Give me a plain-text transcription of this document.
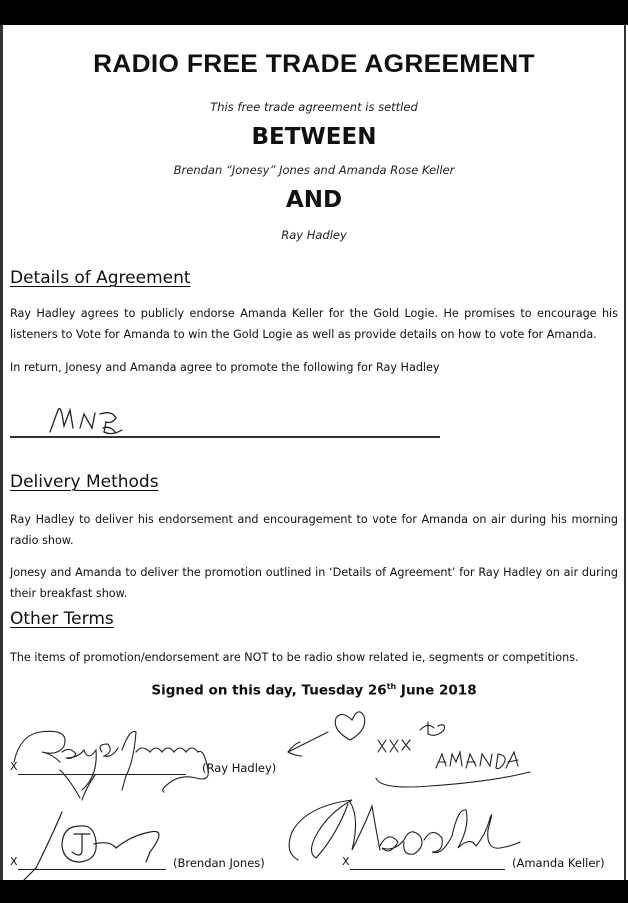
RADIO FREE TRADE AGREEMENT
This free trade agreement is settled
BETWEEN
Brendan “Jonesy” Jones and Amanda Rose Keller
AND
Ray Hadley
Details of Agreement
Ray Hadley agrees to publicly endorse Amanda Keller for the Gold Logie. He promises to encourage his listeners to Vote for Amanda to win the Gold Logie as well as provide details on how to vote for Amanda.
In return, Jonesy and Amanda agree to promote the following for Ray Hadley
Delivery Methods
Ray Hadley to deliver his endorsement and encouragement to vote for Amanda on air during his morning radio show.
Jonesy and Amanda to deliver the promotion outlined in ‘Details of Agreement’ for Ray Hadley on air during their breakfast show.
Other Terms
The items of promotion/endorsement are NOT to be radio show related ie, segments or competitions.
Signed on this day, Tuesday 26th June 2018
X	(Ray Hadley)
X	(Brendan Jones)	X	(Amanda Keller)
